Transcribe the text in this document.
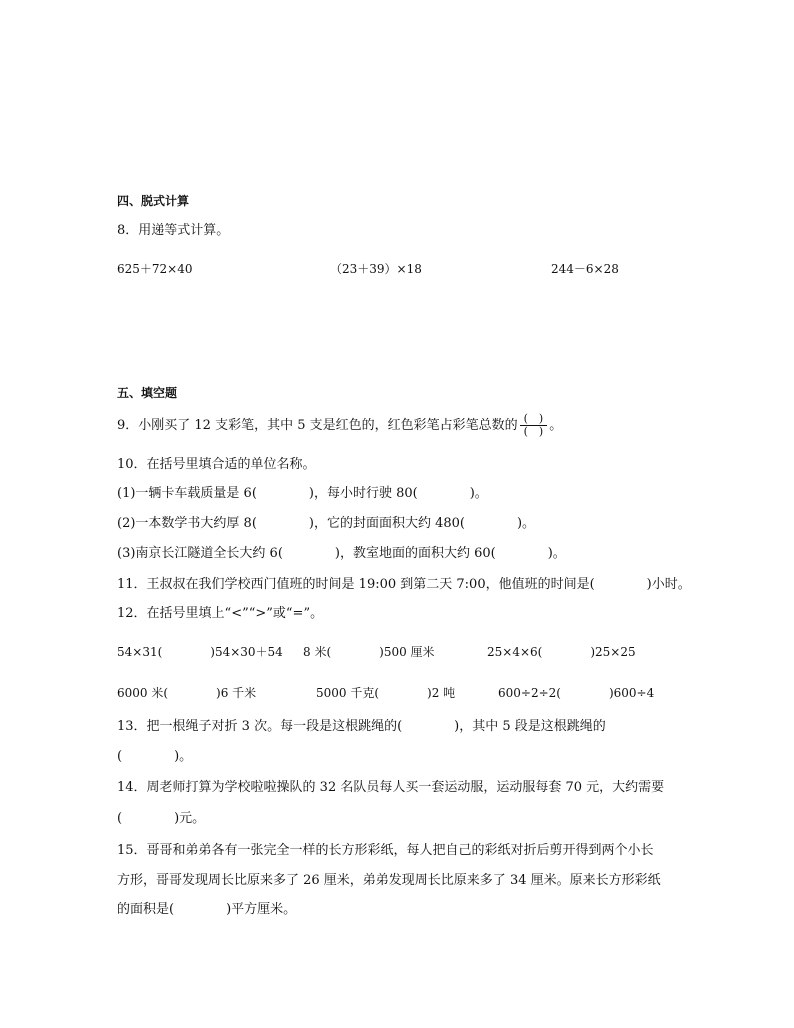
四、脱式计算
8．用递等式计算。
625＋72×40	（23＋39）×18	244－6×28
五、填空题
9．小刚买了 12 支彩笔，其中 5 支是红色的，红色彩笔占彩笔总数的 $\frac{( )}{( )}$ 。
10．在括号里填合适的单位名称。
(1)一辆卡车载质量是 6(　　　　)，每小时行驶 80(　　　　)。
(2)一本数学书大约厚 8(　　　　)，它的封面面积大约 480(　　　　)。
(3)南京长江隧道全长大约 6(　　　　)，教室地面的面积大约 60(　　　　)。
11．王叔叔在我们学校西门值班的时间是 19:00 到第二天 7:00，他值班的时间是(　　　　)小时。
12．在括号里填上“<”“>”或“=”。
54×31(　　　　)54×30＋54 8 米(　　　　)500 厘米	25×4×6(　　　　)25×25
6000 米(　　　　)6 千米	5000 千克(　　　　)2 吨	600÷2÷2(　　　　)600÷4
13．把一根绳子对折 3 次。每一段是这根跳绳的(　　　　)，其中 5 段是这根跳绳的
(　　　　)。
14．周老师打算为学校啦啦操队的 32 名队员每人买一套运动服，运动服每套 70 元，大约需要
(　　　　)元。
15．哥哥和弟弟各有一张完全一样的长方形彩纸，每人把自己的彩纸对折后剪开得到两个小长
方形，哥哥发现周长比原来多了 26 厘米，弟弟发现周长比原来多了 34 厘米。原来长方形彩纸
的面积是(　　　　)平方厘米。
